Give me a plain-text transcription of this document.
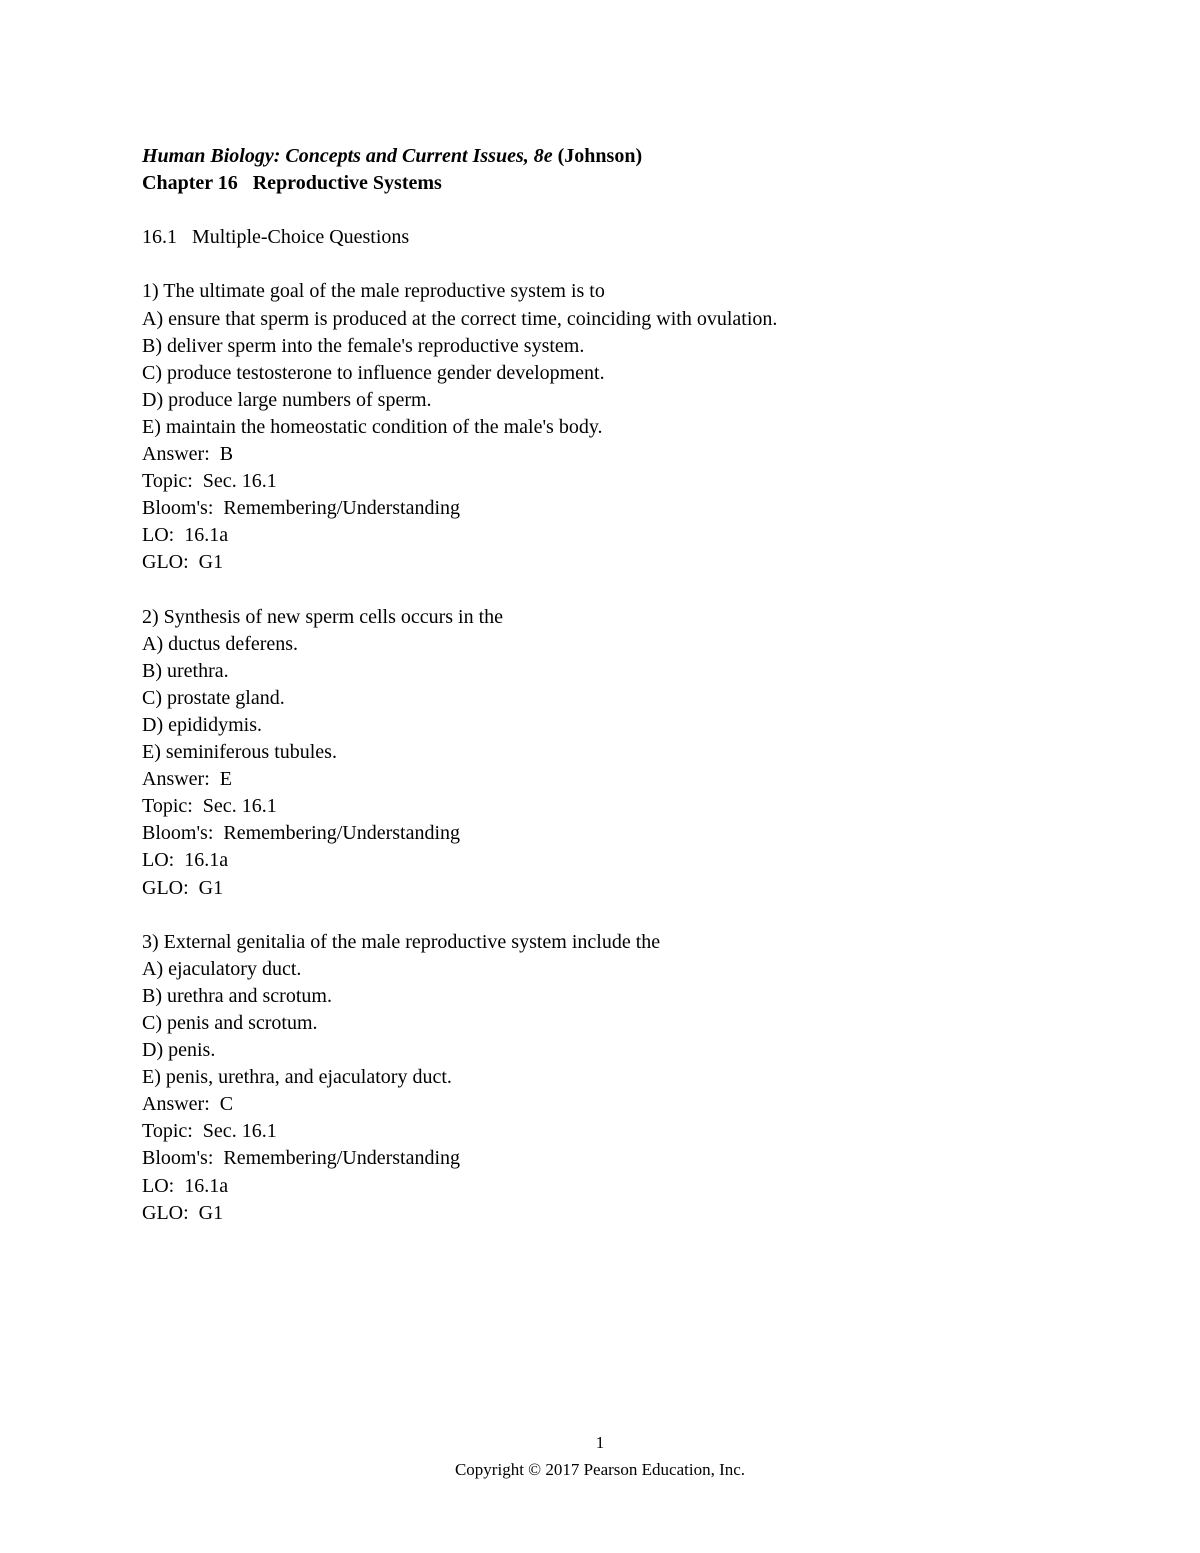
Human Biology: Concepts and Current Issues, 8e (Johnson)
Chapter 16   Reproductive Systems
16.1   Multiple-Choice Questions
1) The ultimate goal of the male reproductive system is to
A) ensure that sperm is produced at the correct time, coinciding with ovulation.
B) deliver sperm into the female's reproductive system.
C) produce testosterone to influence gender development.
D) produce large numbers of sperm.
E) maintain the homeostatic condition of the male's body.
Answer:  B
Topic:  Sec. 16.1
Bloom's:  Remembering/Understanding
LO:  16.1a
GLO:  G1
2) Synthesis of new sperm cells occurs in the
A) ductus deferens.
B) urethra.
C) prostate gland.
D) epididymis.
E) seminiferous tubules.
Answer:  E
Topic:  Sec. 16.1
Bloom's:  Remembering/Understanding
LO:  16.1a
GLO:  G1
3) External genitalia of the male reproductive system include the
A) ejaculatory duct.
B) urethra and scrotum.
C) penis and scrotum.
D) penis.
E) penis, urethra, and ejaculatory duct.
Answer:  C
Topic:  Sec. 16.1
Bloom's:  Remembering/Understanding
LO:  16.1a
GLO:  G1
1
Copyright © 2017 Pearson Education, Inc.
